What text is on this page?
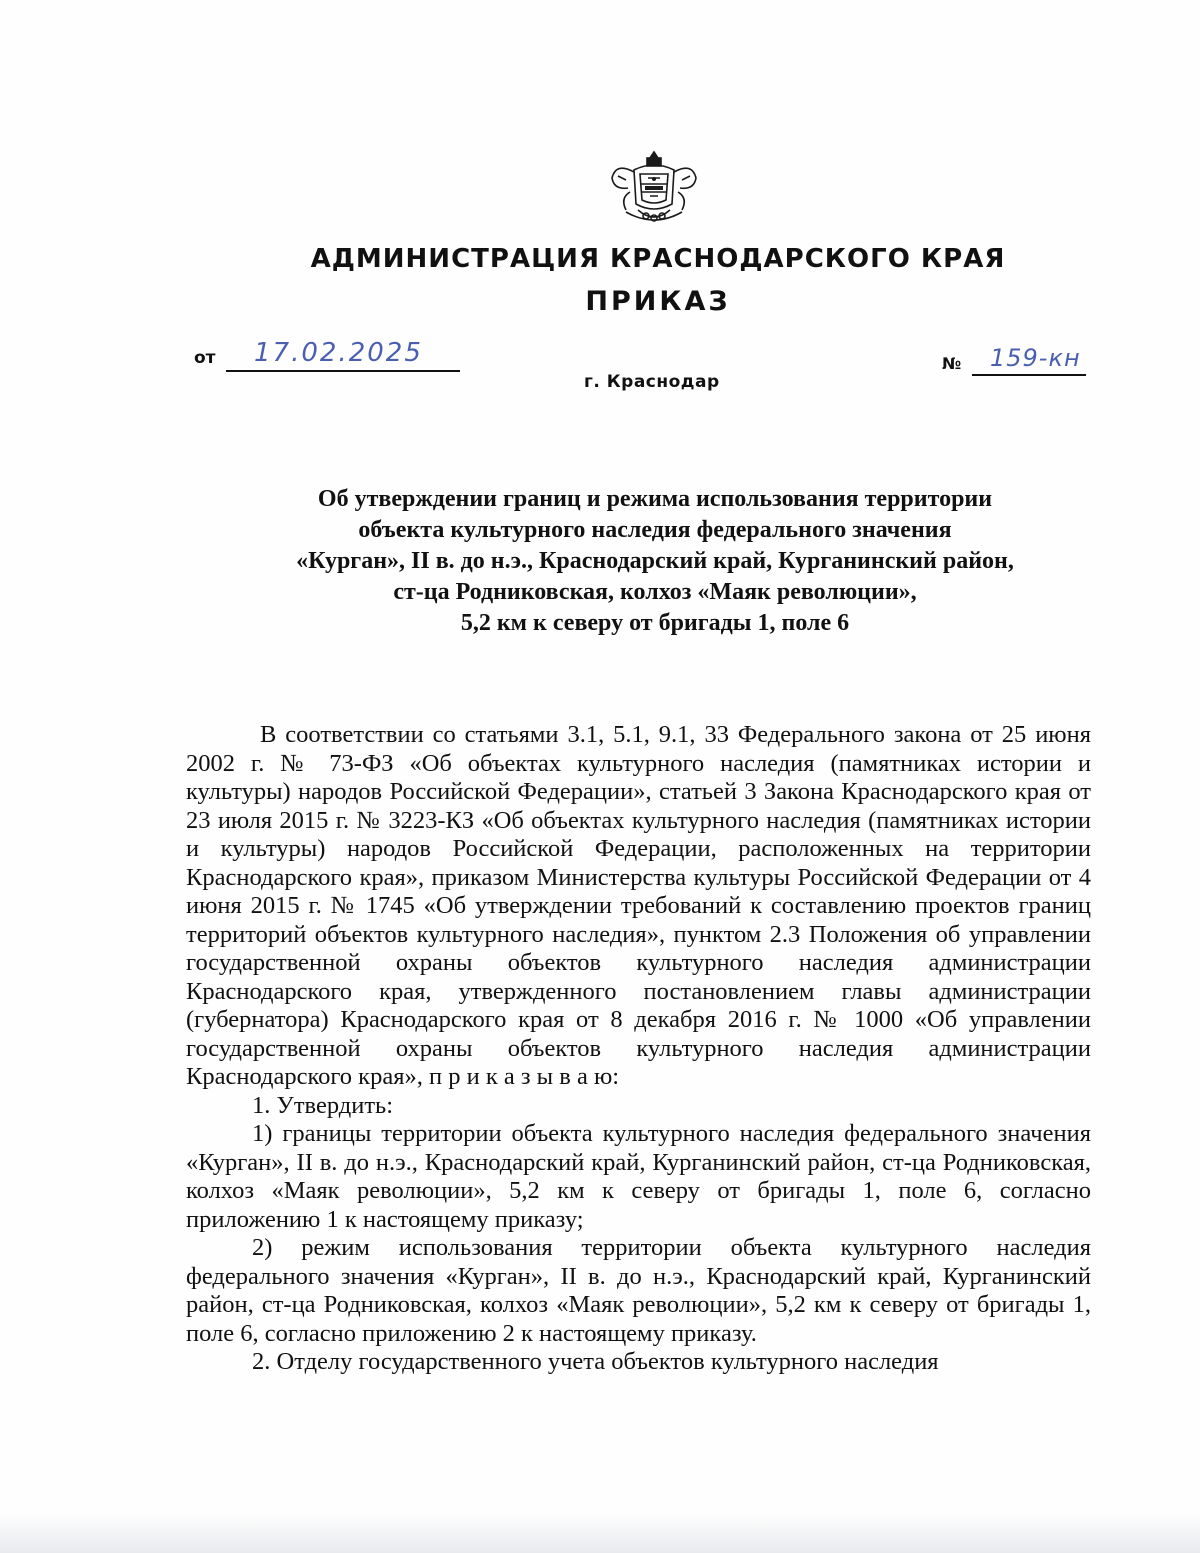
АДМИНИСТРАЦИЯ КРАСНОДАРСКОГО КРАЯ
ПРИКАЗ
от 17.02.2025
г. Краснодар
№ 159-кн
Об утверждении границ и режима использования территории
объекта культурного наследия федерального значения
«Курган», II в. до н.э., Краснодарский край, Курганинский район,
ст-ца Родниковская, колхоз «Маяк революции»,
5,2 км к северу от бригады 1, поле 6

В соответствии со статьями 3.1, 5.1, 9.1, 33 Федерального закона от 25 июня 2002 г. № 73-ФЗ «Об объектах культурного наследия (памятниках истории и культуры) народов Российской Федерации», статьей 3 Закона Краснодарского края от 23 июля 2015 г. № 3223-КЗ «Об объектах культурного наследия (памятниках истории и культуры) народов Российской Федерации, расположенных на территории Краснодарского края», приказом Министерства культуры Российской Федерации от 4 июня 2015 г. № 1745 «Об утверждении требований к составлению проектов границ территорий объектов культурного наследия», пунктом 2.3 Положения об управлении государственной охраны объектов культурного наследия администрации Краснодарского края, утвержденного постановлением главы администрации (губернатора) Краснодарского края от 8 декабря 2016 г. № 1000 «Об управлении государственной охраны объектов культурного наследия администрации Краснодарского края», п р и к а з ы в а ю:

1. Утвердить:

1) границы территории объекта культурного наследия федерального значения «Курган», II в. до н.э., Краснодарский край, Курганинский район, ст-ца Родниковская, колхоз «Маяк революции», 5,2 км к северу от бригады 1, поле 6, согласно приложению 1 к настоящему приказу;

2) режим использования территории объекта культурного наследия федерального значения «Курган», II в. до н.э., Краснодарский край, Курганинский район, ст-ца Родниковская, колхоз «Маяк революции», 5,2 км к северу от бригады 1, поле 6, согласно приложению 2 к настоящему приказу.

2. Отделу государственного учета объектов культурного наследия
